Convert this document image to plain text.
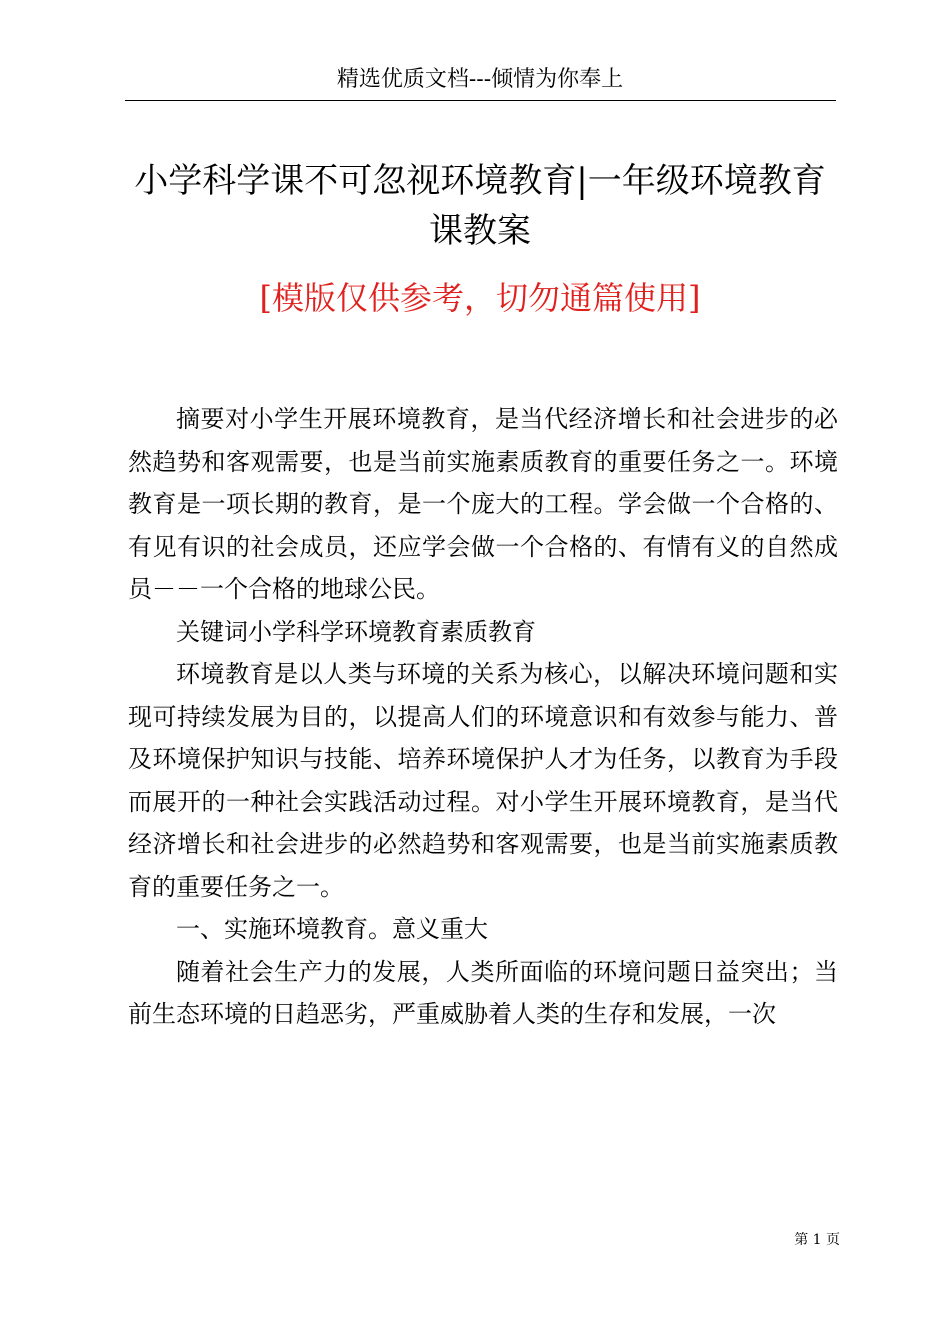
精选优质文档---倾情为你奉上
小学科学课不可忽视环境教育|一年级环境教育课教案
[模版仅供参考，切勿通篇使用]

摘要对小学生开展环境教育，是当代经济增长和社会进步的必然趋势和客观需要，也是当前实施素质教育的重要任务之一。环境教育是一项长期的教育，是一个庞大的工程。学会做一个合格的、有见有识的社会成员，还应学会做一个合格的、有情有义的自然成员－－一个合格的地球公民。

关键词小学科学环境教育素质教育

环境教育是以人类与环境的关系为核心，以解决环境问题和实现可持续发展为目的，以提高人们的环境意识和有效参与能力、普及环境保护知识与技能、培养环境保护人才为任务，以教育为手段而展开的一种社会实践活动过程。对小学生开展环境教育，是当代经济增长和社会进步的必然趋势和客观需要，也是当前实施素质教育的重要任务之一。

一、实施环境教育。意义重大

随着社会生产力的发展，人类所面临的环境问题日益突出；当前生态环境的日趋恶劣，严重威胁着人类的生存和发展，一次

第 1 页
